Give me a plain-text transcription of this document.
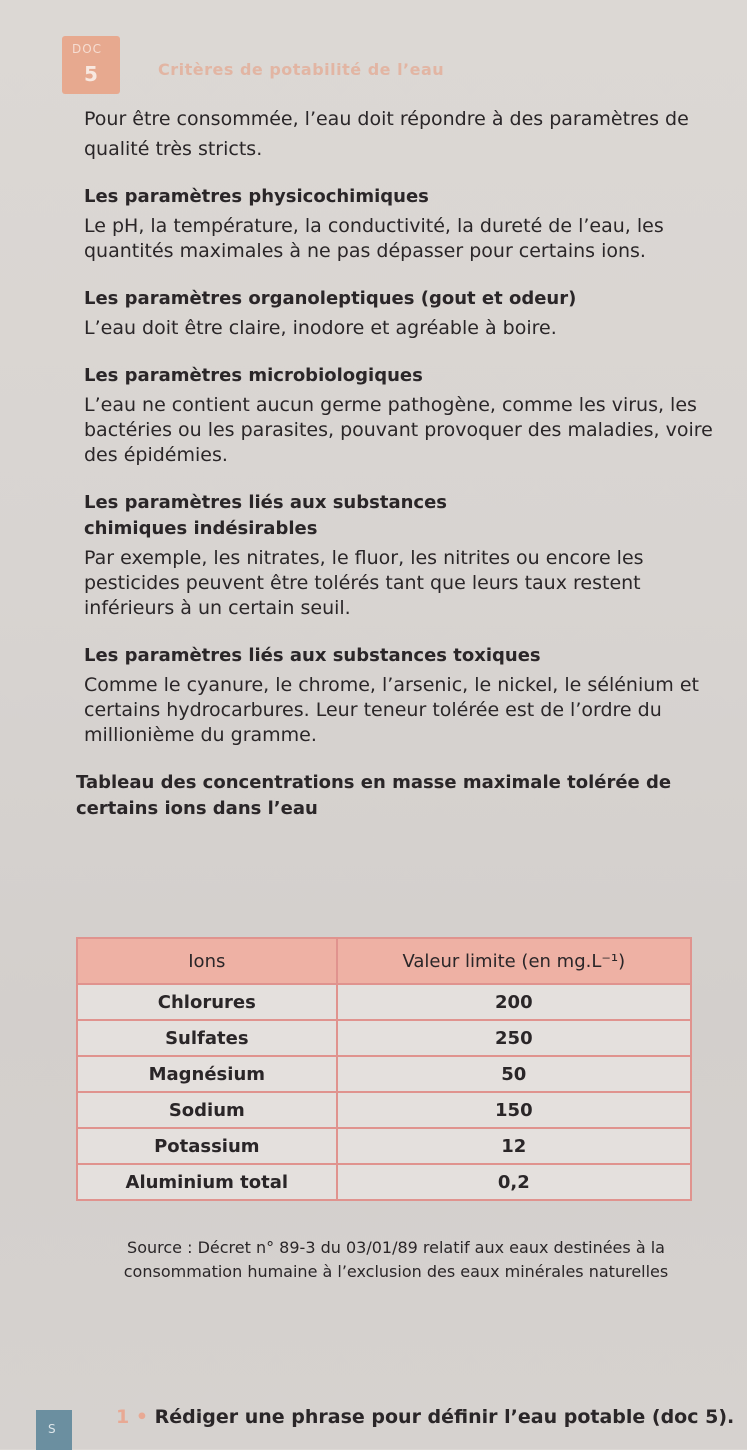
DOC
5	Critères de potabilité de l’eau

Pour être consommée, l’eau doit répondre à des paramètres de qualité très stricts.

Les paramètres physicochimiques

Le pH, la température, la conductivité, la dureté de l’eau, les quantités maximales à ne pas dépasser pour certains ions.

Les paramètres organoleptiques (gout et odeur)

L’eau doit être claire, inodore et agréable à boire.

Les paramètres microbiologiques

L’eau ne contient aucun germe pathogène, comme les virus, les bactéries ou les parasites, pouvant provoquer des maladies, voire des épidémies.

Les paramètres liés aux substances chimiques indésirables

Par exemple, les nitrates, le fluor, les nitrites ou encore les pesticides peuvent être tolérés tant que leurs taux restent inférieurs à un certain seuil.

Les paramètres liés aux substances toxiques

Comme le cyanure, le chrome, l’arsenic, le nickel, le sélénium et certains hydrocarbures. Leur teneur tolérée est de l’ordre du millionième du gramme.

Tableau des concentrations en masse maximale tolérée de certains ions dans l’eau

Ions	Valeur limite (en mg.L⁻¹)
Chlorures	200
Sulfates	250
Magnésium	50
Sodium	150
Potassium	12
Aluminium total	0,2
Source : Décret n° 89-3 du 03/01/89 relatif aux eaux destinées à la consommation humaine à l’exclusion des eaux minérales naturelles
S
1 • Rédiger une phrase pour définir l’eau potable (doc 5).
